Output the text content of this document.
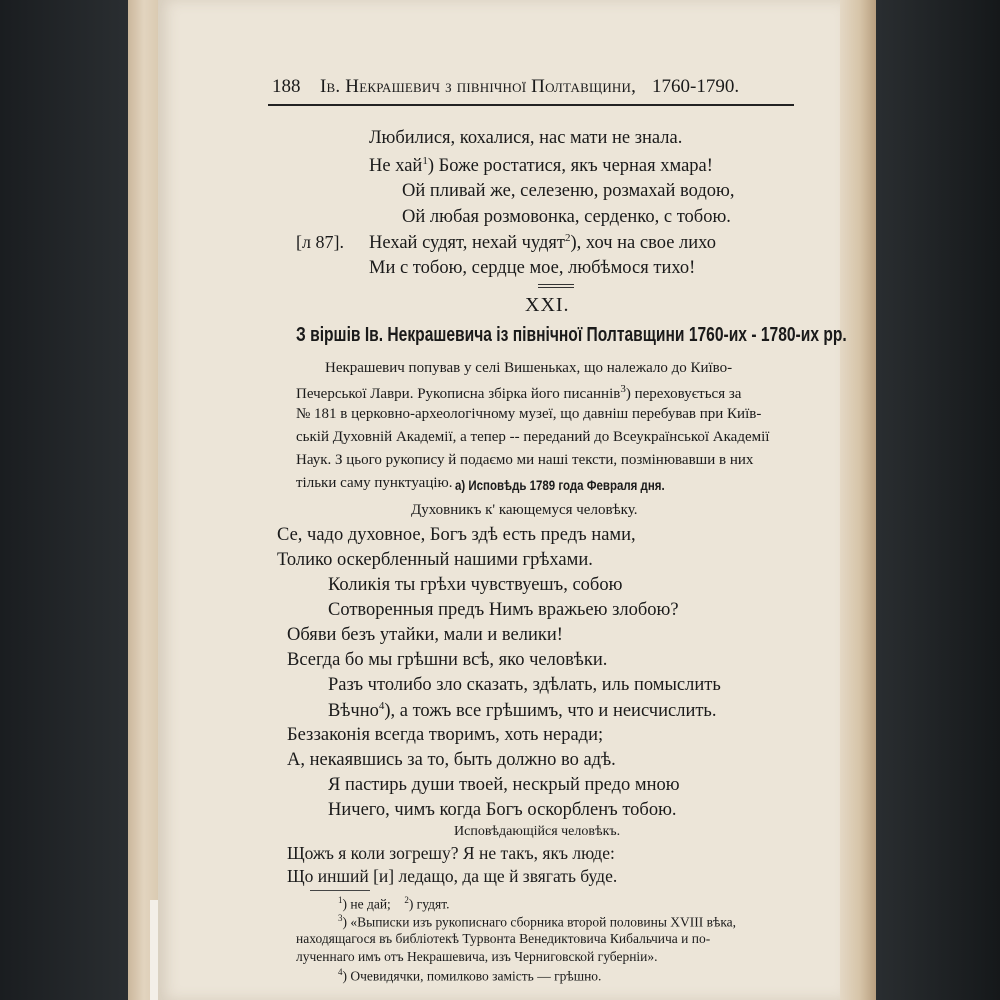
188 Ів. Некрашевич з північної Полтавщини, 1760-1790.
Любилися, кохалися, нас мати не знала.
Не хай$^1$) Боже ростатися, якъ черная хмара!
Ой пливай же, селезеню, розмахай водою,
Ой любая розмовонка, серденко, с тобою.
[л 87]. Нехай судят, нехай чудят$^2$), хоч на свое лихо
Ми с тобою, сердце мое, любѣмося тихо!
XXI.
З віршів Ів. Некрашевича із північної Полтавщини 1760-их - 1780-их рр.
Некрашевич попував у селі Вишеньках, що належало до Київо-
Печерської Лаври. Рукописна збірка його писаннів$^3$) переховується за
№ 181 в церковно-археологічному музеї, що давніш перебував при Київ-
ській Духовній Академії, а тепер -- переданий до Всеукраїнської Академії
Наук. З цього рукопису й подаємо ми наші тексти, позмінювавши в них
тільки саму пунктуацію. а) Исповѣдь 1789 года Февраля дня.
Духовникъ к' кающемуся человѣку.
Се, чадо духовное, Богъ здѣ есть предъ нами,
Толико оскербленный нашими грѣхами.
Коликія ты грѣхи чувствуешъ, собою
Сотворенныя предъ Нимъ вражьею злобою?
Обяви безъ утайки, мали и велики!
Всегда бо мы грѣшни всѣ, яко человѣки.
Разъ чтолибо зло сказать, здѣлать, иль помыслить
Вѣчно$^4$), а тожъ все грѣшимъ, что и неисчислить.
Беззаконія всегда творимъ, хоть неради;
А, некаявшись за то, быть должно во адѣ.
Я пастирь души твоей, нескрый предо мною
Ничего, чимъ когда Богъ оскорбленъ тобою.
Исповѣдающійся человѣкъ.
Щожъ я коли зогрешу? Я не такъ, якъ люде:
Що инший [и] ледащо, да ще й звягать буде.
$^1$) не дай; $^2$) гудят.
$^3$) «Выписки изъ рукописнаго сборника второй половины XVIII вѣка,
находящагося въ библіотекѣ Турвонта Венедиктовича Кибальчича и по-
лученнаго имъ отъ Некрашевича, изъ Черниговской губерніи».
$^4$) Очевидячки, помилково замість — грѣшно.
